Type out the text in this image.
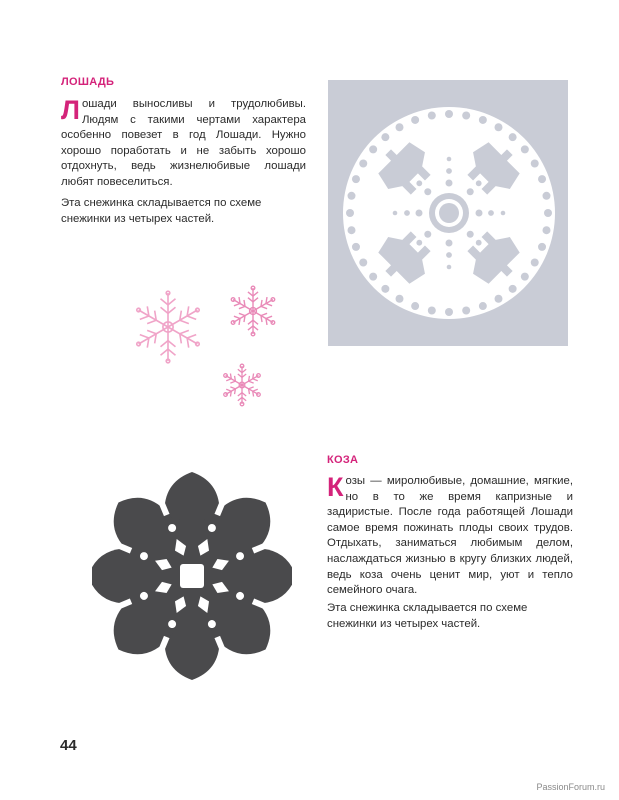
ЛОШАДЬ

Лошади выносливы и трудолюбивы. Людям с такими чертами характера особенно повезет в год Лошади. Нужно хорошо поработать и не забыть хорошо отдохнуть, ведь жизнелюбивые лошади любят повеселиться.

Эта снежинка складывается по схеме снежинки из четырех частей.

КОЗА

Козы — миролюбивые, домашние, мягкие, но в то же время капризные и задиристые. После года работящей Лошади самое время пожинать плоды своих трудов. Отдыхать, заниматься любимым делом, наслаждаться жизнью в кругу близких людей, ведь коза очень ценит мир, уют и тепло семейного очага.

Эта снежинка складывается по схеме снежинки из четырех частей.

44
PassionForum.ru
